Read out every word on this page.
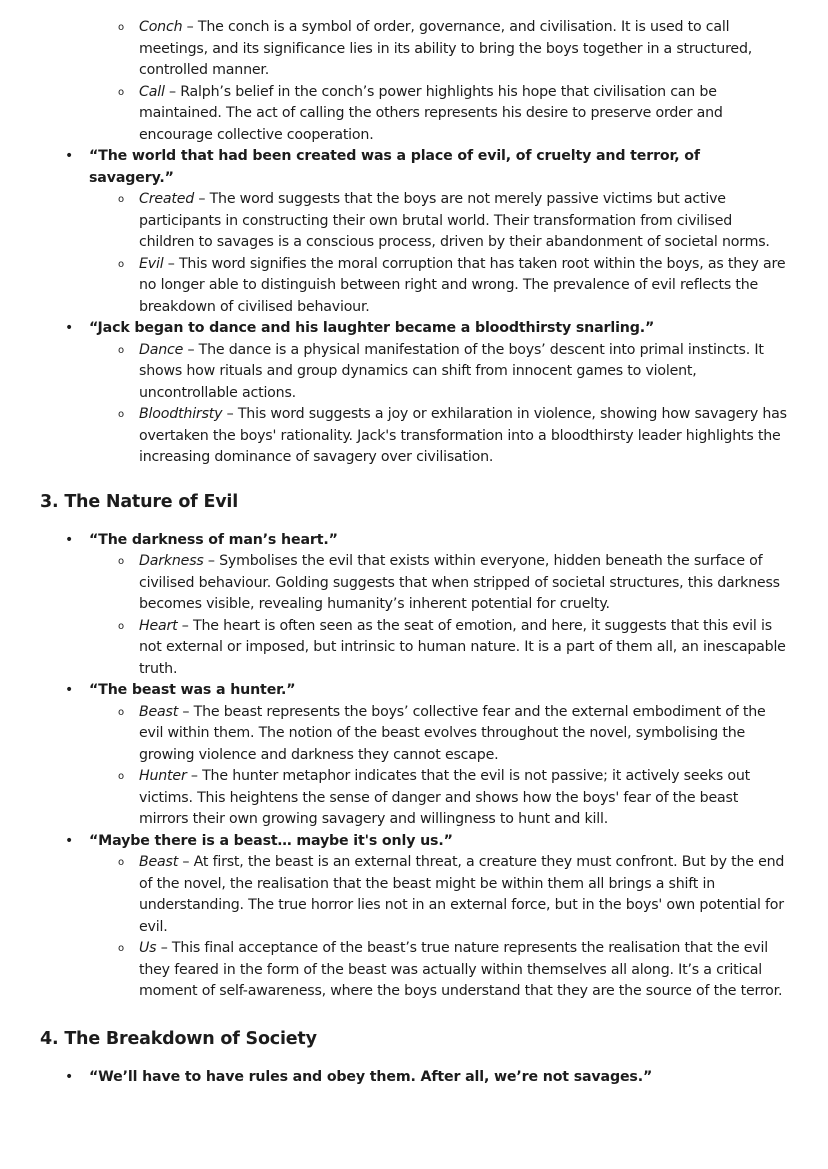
o Conch – The conch is a symbol of order, governance, and civilisation. It is used to call meetings, and its significance lies in its ability to bring the boys together in a structured, controlled manner.
o Call – Ralph’s belief in the conch’s power highlights his hope that civilisation can be maintained. The act of calling the others represents his desire to preserve order and encourage collective cooperation.
• “The world that had been created was a place of evil, of cruelty and terror, of savagery.”
o Created – The word suggests that the boys are not merely passive victims but active participants in constructing their own brutal world. Their transformation from civilised children to savages is a conscious process, driven by their abandonment of societal norms.
o Evil – This word signifies the moral corruption that has taken root within the boys, as they are no longer able to distinguish between right and wrong. The prevalence of evil reflects the breakdown of civilised behaviour.
• “Jack began to dance and his laughter became a bloodthirsty snarling.”
o Dance – The dance is a physical manifestation of the boys’ descent into primal instincts. It shows how rituals and group dynamics can shift from innocent games to violent, uncontrollable actions.
o Bloodthirsty – This word suggests a joy or exhilaration in violence, showing how savagery has overtaken the boys' rationality. Jack's transformation into a bloodthirsty leader highlights the increasing dominance of savagery over civilisation.
3. The Nature of Evil
• “The darkness of man’s heart.”
o Darkness – Symbolises the evil that exists within everyone, hidden beneath the surface of civilised behaviour. Golding suggests that when stripped of societal structures, this darkness becomes visible, revealing humanity’s inherent potential for cruelty.
o Heart – The heart is often seen as the seat of emotion, and here, it suggests that this evil is not external or imposed, but intrinsic to human nature. It is a part of them all, an inescapable truth.
• “The beast was a hunter.”
o Beast – The beast represents the boys’ collective fear and the external embodiment of the evil within them. The notion of the beast evolves throughout the novel, symbolising the growing violence and darkness they cannot escape.
o Hunter – The hunter metaphor indicates that the evil is not passive; it actively seeks out victims. This heightens the sense of danger and shows how the boys' fear of the beast mirrors their own growing savagery and willingness to hunt and kill.
• “Maybe there is a beast… maybe it's only us.”
o Beast – At first, the beast is an external threat, a creature they must confront. But by the end of the novel, the realisation that the beast might be within them all brings a shift in understanding. The true horror lies not in an external force, but in the boys' own potential for evil.
o Us – This final acceptance of the beast’s true nature represents the realisation that the evil they feared in the form of the beast was actually within themselves all along. It’s a critical moment of self-awareness, where the boys understand that they are the source of the terror.
4. The Breakdown of Society
• “We’ll have to have rules and obey them. After all, we’re not savages.”
